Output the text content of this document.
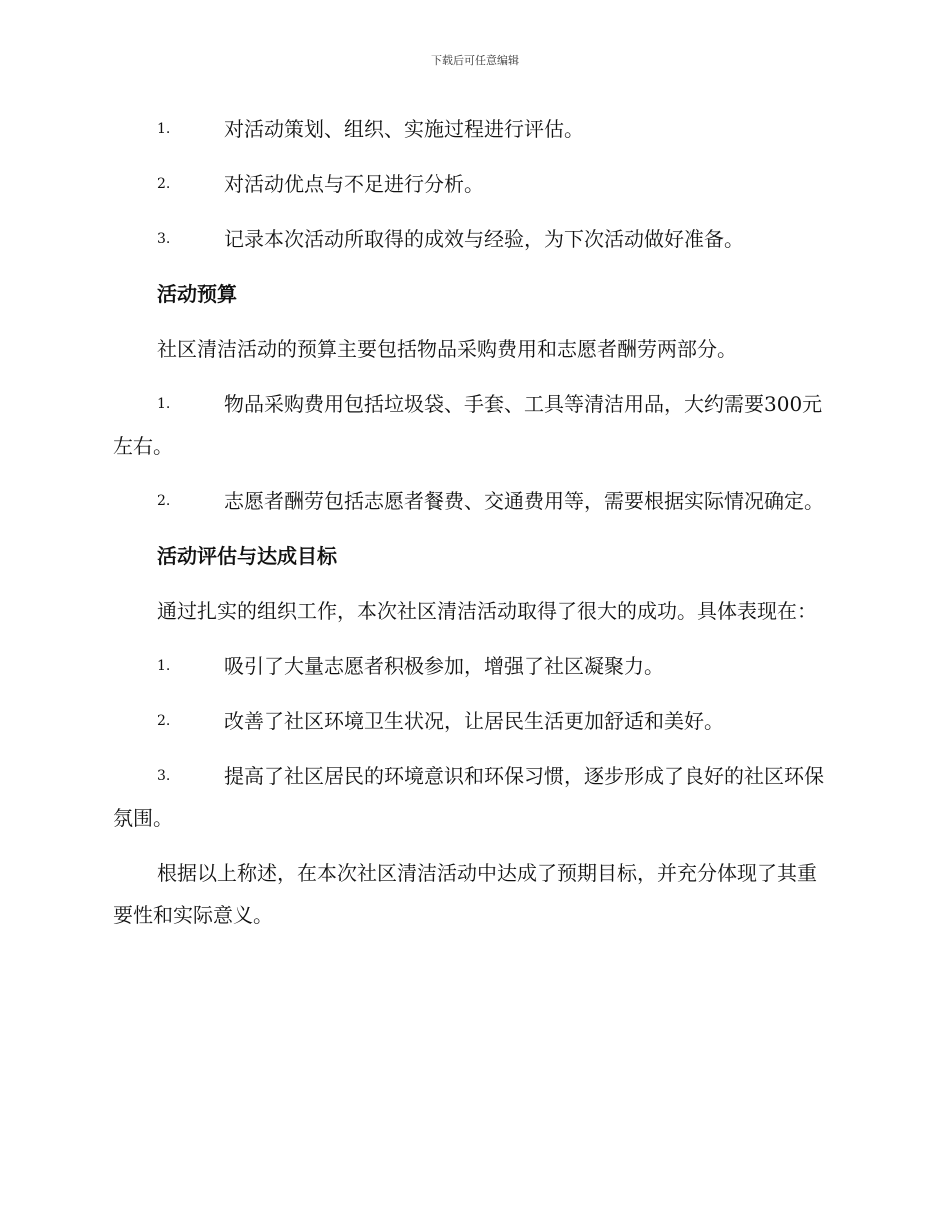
下载后可任意编辑
1.	对活动策划、组织、实施过程进行评估。
2.	对活动优点与不足进行分析。
3.	记录本次活动所取得的成效与经验，为下次活动做好准备。
活动预算
社区清洁活动的预算主要包括物品采购费用和志愿者酬劳两部分。
1.	物品采购费用包括垃圾袋、手套、工具等清洁用品，大约需要300元左右。
2.	志愿者酬劳包括志愿者餐费、交通费用等，需要根据实际情况确定。
活动评估与达成目标
通过扎实的组织工作，本次社区清洁活动取得了很大的成功。具体表现在：
1.	吸引了大量志愿者积极参加，增强了社区凝聚力。
2.	改善了社区环境卫生状况，让居民生活更加舒适和美好。
3.	提高了社区居民的环境意识和环保习惯，逐步形成了良好的社区环保氛围。
根据以上称述，在本次社区清洁活动中达成了预期目标，并充分体现了其重要性和实际意义。
